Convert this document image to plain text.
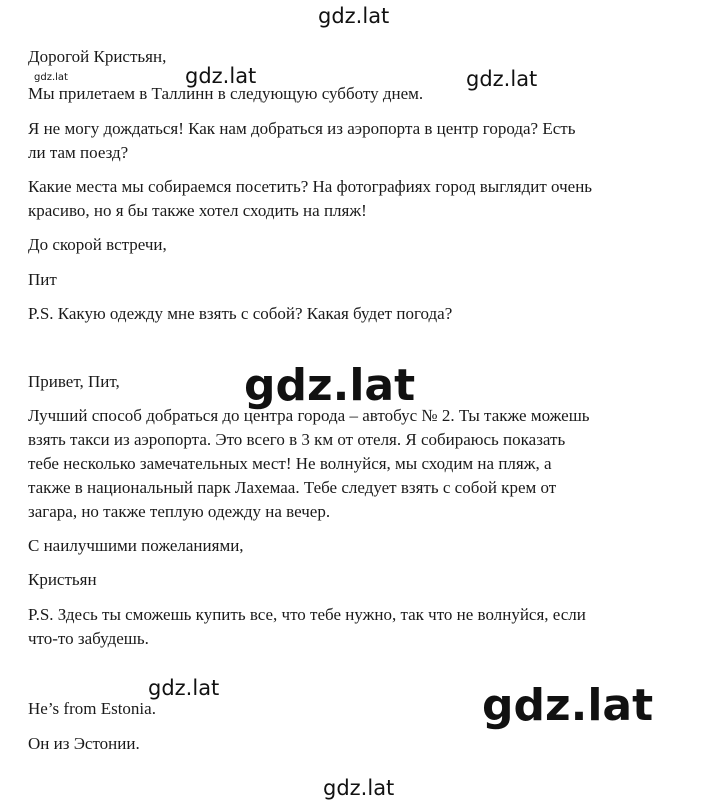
Дорогой Кристьян,

Мы прилетаем в Таллинн в следующую субботу днем.

Я не могу дождаться! Как нам добраться из аэропорта в центр города? Есть

ли там поезд?

Какие места мы собираемся посетить? На фотографиях город выглядит очень

красиво, но я бы также хотел сходить на пляж!

До скорой встречи,

Пит

P.S. Какую одежду мне взять с собой? Какая будет погода?

Привет, Пит,

Лучший способ добраться до центра города – автобус № 2. Ты также можешь

взять такси из аэропорта. Это всего в 3 км от отеля. Я собираюсь показать

тебе несколько замечательных мест! Не волнуйся, мы сходим на пляж, а

также в национальный парк Лахемаа. Тебе следует взять с собой крем от

загара, но также теплую одежду на вечер.

С наилучшими пожеланиями,

Кристьян

P.S. Здесь ты сможешь купить все, что тебе нужно, так что не волнуйся, если

что-то забудешь.

He’s from Estonia.

Он из Эстонии.

gdz.lat
gdz.lat	gdz.lat	gdz.lat
gdz.lat
gdz.lat	gdz.lat
gdz.lat
